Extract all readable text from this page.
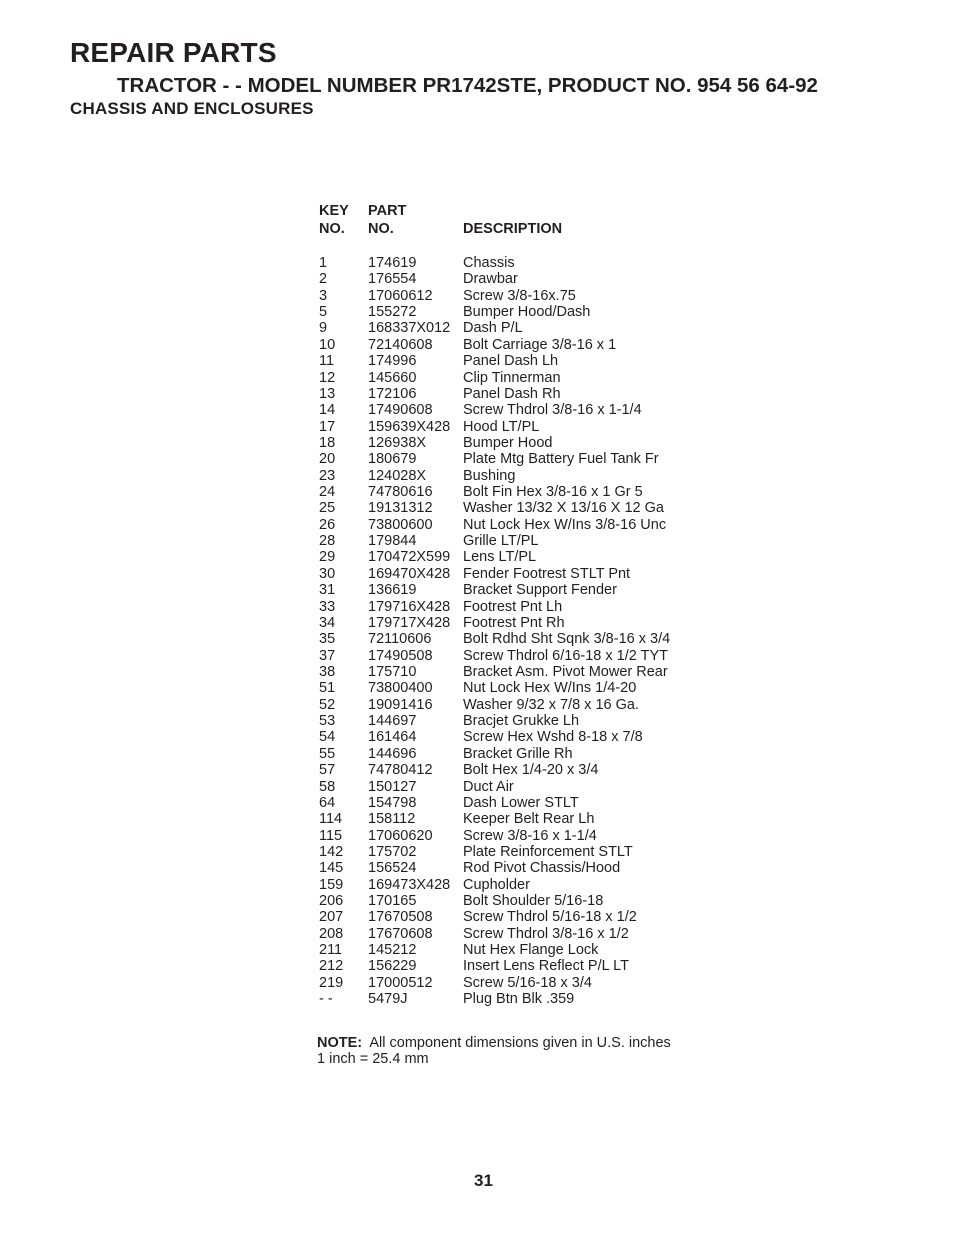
REPAIR PARTS
TRACTOR - - MODEL NUMBER PR1742STE, PRODUCT NO. 954 56 64-92
CHASSIS AND ENCLOSURES
KEY PART
NO. NO.	DESCRIPTION
1	174619	Chassis
2	176554	Drawbar
3	17060612 Screw 3/8-16x.75
5	155272	Bumper Hood/Dash
9	168337X012 Dash P/L
10 72140608 Bolt Carriage 3/8-16 x 1
11 174996	Panel Dash Lh
12 145660	Clip Tinnerman
13 172106	Panel Dash Rh
14 17490608 Screw Thdrol 3/8-16 x 1-1/4
17 159639X428 Hood LT/PL
18 126938X	Bumper Hood
20 180679	Plate Mtg Battery Fuel Tank Fr
23 124028X	Bushing
24 74780616 Bolt Fin Hex 3/8-16 x 1 Gr 5
25 19131312 Washer 13/32 X 13/16 X 12 Ga
26 73800600 Nut Lock Hex W/Ins 3/8-16 Unc
28 179844	Grille LT/PL
29 170472X599 Lens LT/PL
30 169470X428 Fender Footrest STLT Pnt
31 136619	Bracket Support Fender
33 179716X428 Footrest Pnt Lh
34 179717X428 Footrest Pnt Rh
35 72110606 Bolt Rdhd Sht Sqnk 3/8-16 x 3/4
37 17490508 Screw Thdrol 6/16-18 x 1/2 TYT
38 175710	Bracket Asm. Pivot Mower Rear
51 73800400 Nut Lock Hex W/Ins 1/4-20
52 19091416 Washer 9/32 x 7/8 x 16 Ga.
53 144697	Bracjet Grukke Lh
54 161464	Screw Hex Wshd 8-18 x 7/8
55 144696	Bracket Grille Rh
57 74780412 Bolt Hex 1/4-20 x 3/4
58 150127	Duct Air
64 154798	Dash Lower STLT
114 158112	Keeper Belt Rear Lh
115 17060620 Screw 3/8-16 x 1-1/4
142 175702	Plate Reinforcement STLT
145 156524	Rod Pivot Chassis/Hood
159 169473X428 Cupholder
206 170165	Bolt Shoulder 5/16-18
207 17670508 Screw Thdrol 5/16-18 x 1/2
208 17670608 Screw Thdrol 3/8-16 x 1/2
211 145212	Nut Hex Flange Lock
212 156229	Insert Lens Reflect P/L LT
219 17000512 Screw 5/16-18 x 3/4
- - 5479J	Plug Btn Blk .359
NOTE: All component dimensions given in U.S. inches
1 inch = 25.4 mm
31
